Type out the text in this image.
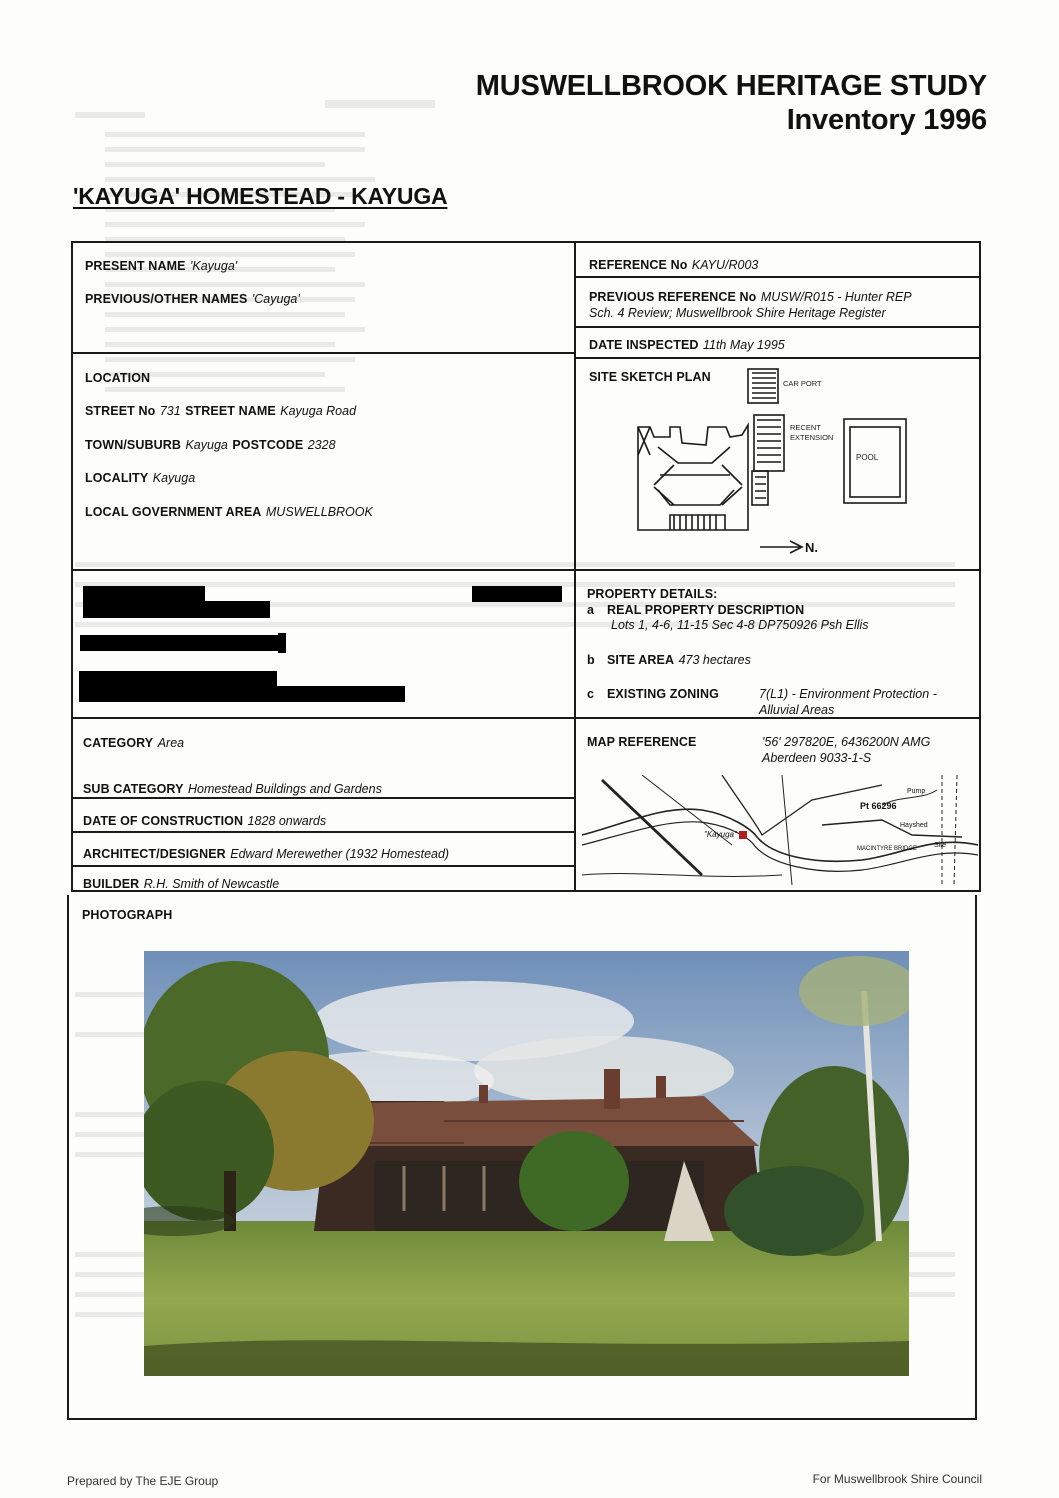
MUSWELLBROOK HERITAGE STUDY
Inventory 1996
'KAYUGA' HOMESTEAD - KAYUGA
PRESENT NAME 'Kayuga'
PREVIOUS/OTHER NAMES 'Cayuga'
REFERENCE No KAYU/R003
PREVIOUS REFERENCE No MUSW/R015 - Hunter REP
Sch. 4 Review; Muswellbrook Shire Heritage Register
DATE INSPECTED 11th May 1995
SITE SKETCH PLAN	CAR PORT
RECENT
EXTENSION
POOL
N.
LOCATION
STREET No 731 STREET NAME Kayuga Road
TOWN/SUBURB Kayuga POSTCODE 2328
LOCALITY Kayuga
LOCAL GOVERNMENT AREA MUSWELLBROOK
PROPERTY DETAILS:
a REAL PROPERTY DESCRIPTION
Lots 1, 4-6, 11-15 Sec 4-8 DP750926 Psh Ellis
b SITE AREA 473 hectares
c EXISTING ZONING	7(L1) - Environment Protection -
Alluvial Areas
CATEGORY Area
SUB CATEGORY Homestead Buildings and Gardens
DATE OF CONSTRUCTION 1828 onwards
ARCHITECT/DESIGNER Edward Merewether (1932 Homestead)
BUILDER R.H. Smith of Newcastle
MAP REFERENCE	'56' 297820E, 6436200N AMG
Aberdeen 9033-1-S
"Kayuga"
Pt 66296
Hayshed
MACINTYRE BRIDGE
Pump
Site
PHOTOGRAPH
Prepared by The EJE Group	For Muswellbrook Shire Council
